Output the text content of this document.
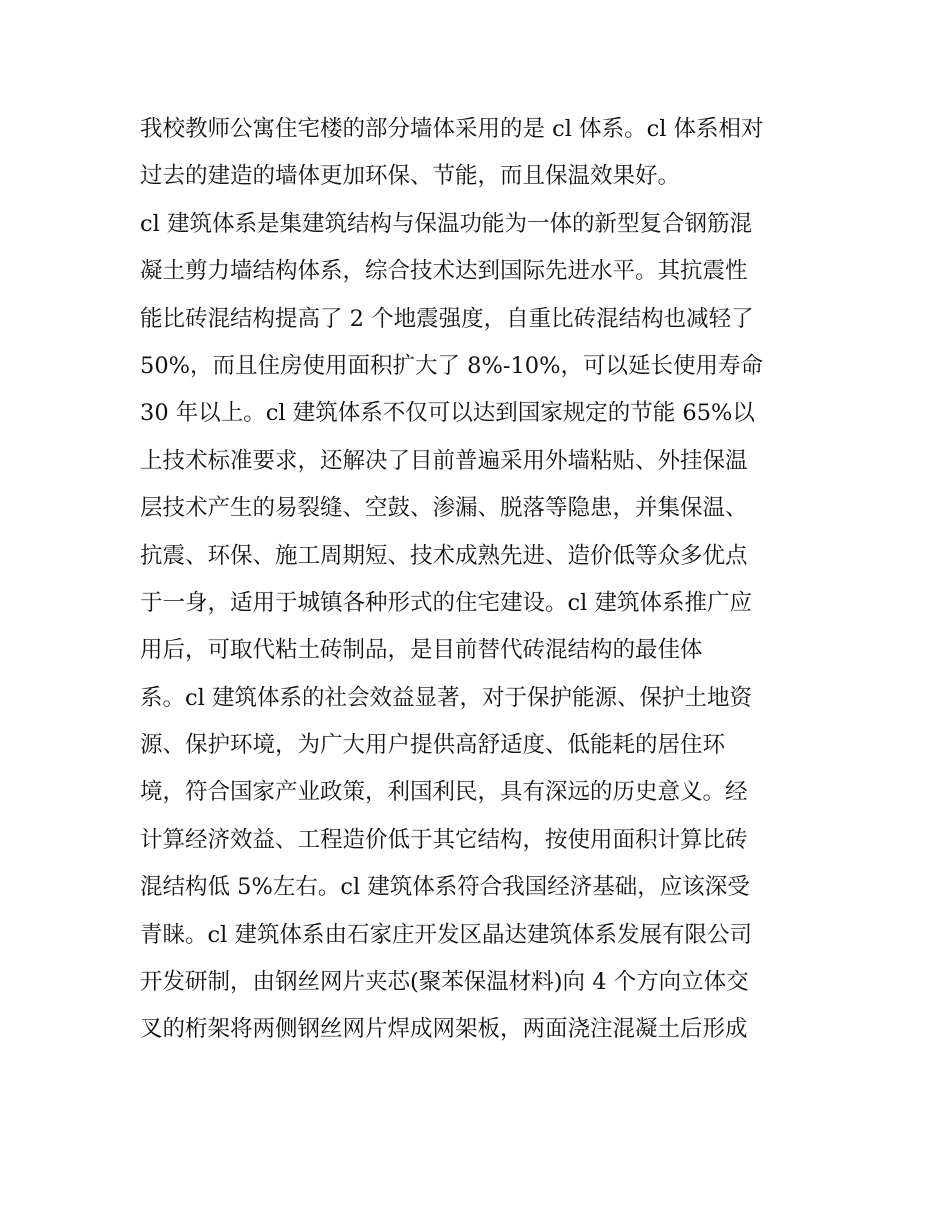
我校教师公寓住宅楼的部分墙体采用的是 cl 体系。cl 体系相对
过去的建造的墙体更加环保、节能，而且保温效果好。
cl 建筑体系是集建筑结构与保温功能为一体的新型复合钢筋混
凝土剪力墙结构体系，综合技术达到国际先进水平。其抗震性
能比砖混结构提高了 2 个地震强度，自重比砖混结构也减轻了
50%，而且住房使用面积扩大了 8%-10%，可以延长使用寿命
30 年以上。cl 建筑体系不仅可以达到国家规定的节能 65%以
上技术标准要求，还解决了目前普遍采用外墙粘贴、外挂保温
层技术产生的易裂缝、空鼓、渗漏、脱落等隐患，并集保温、
抗震、环保、施工周期短、技术成熟先进、造价低等众多优点
于一身，适用于城镇各种形式的住宅建设。cl 建筑体系推广应
用后，可取代粘土砖制品，是目前替代砖混结构的最佳体
系。cl 建筑体系的社会效益显著，对于保护能源、保护土地资
源、保护环境，为广大用户提供高舒适度、低能耗的居住环
境，符合国家产业政策，利国利民，具有深远的历史意义。经
计算经济效益、工程造价低于其它结构，按使用面积计算比砖
混结构低 5%左右。cl 建筑体系符合我国经济基础，应该深受
青睐。cl 建筑体系由石家庄开发区晶达建筑体系发展有限公司
开发研制，由钢丝网片夹芯(聚苯保温材料)向 4 个方向立体交
叉的桁架将两侧钢丝网片焊成网架板，两面浇注混凝土后形成
